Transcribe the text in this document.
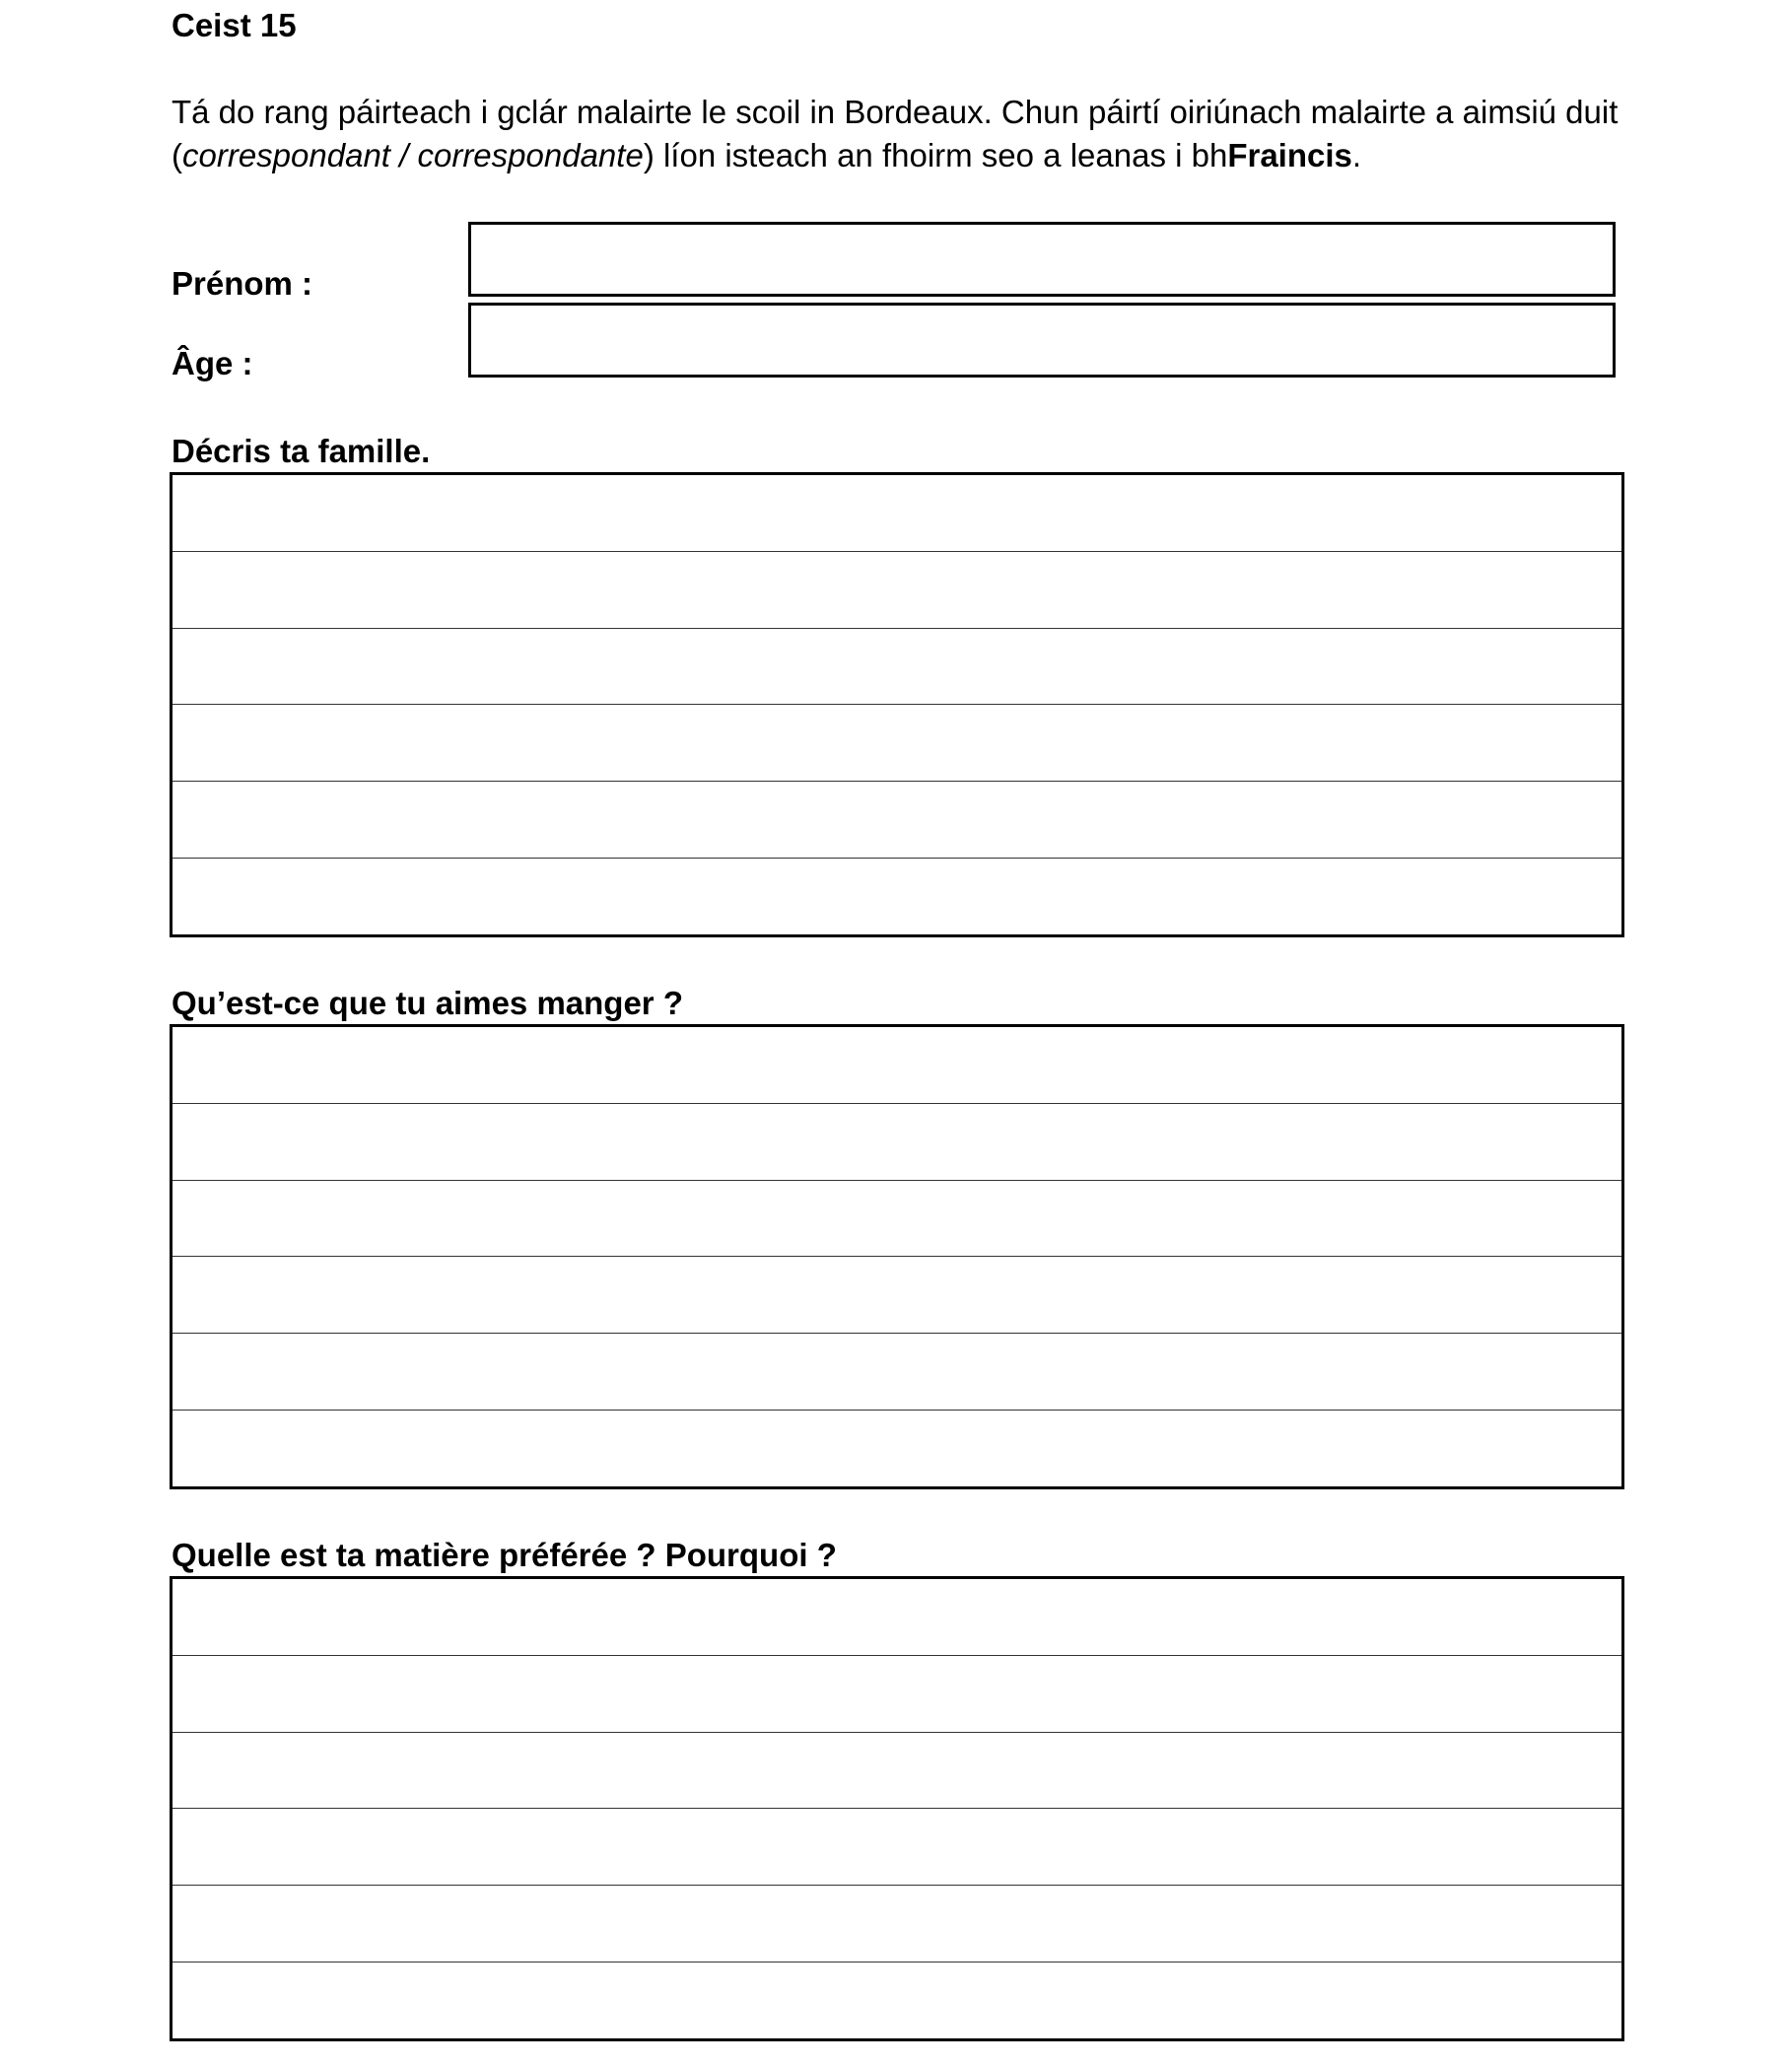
Ceist 15

Tá do rang páirteach i gclár malairte le scoil in Bordeaux. Chun páirtí oiriúnach malairte a aimsiú duit (correspondant / correspondante) líon isteach an fhoirm seo a leanas i bhFraincis.

Prénom :
Âge :
Décris ta famille.
Qu’est-ce que tu aimes manger ?
Quelle est ta matière préférée ? Pourquoi ?
